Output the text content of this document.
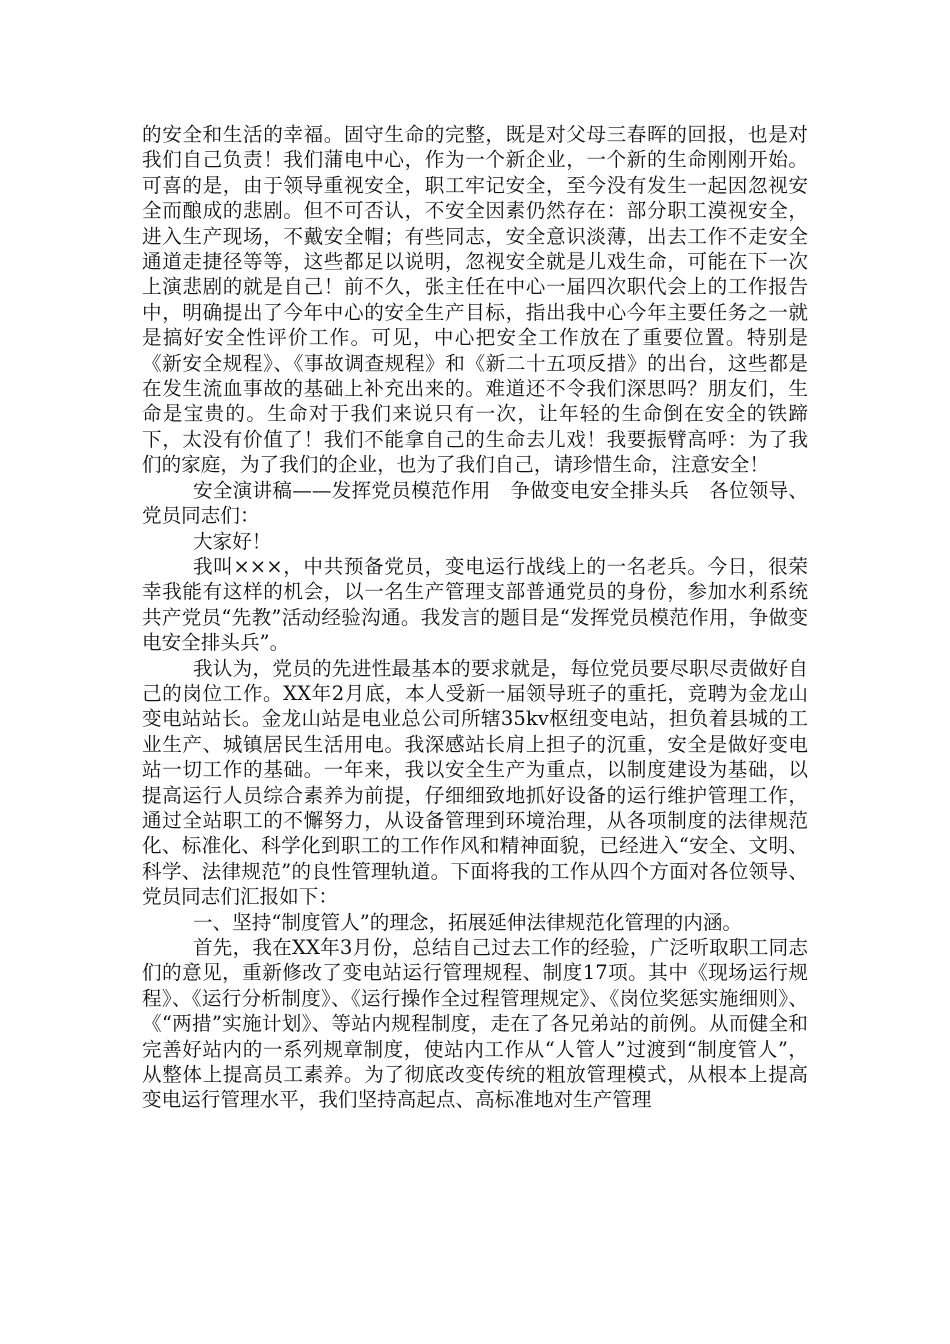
的安全和生活的幸福。固守生命的完整，既是对父母三春晖的回报，也是对我们自己负责！我们蒲电中心，作为一个新企业，一个新的生命刚刚开始。可喜的是，由于领导重视安全，职工牢记安全，至今没有发生一起因忽视安全而酿成的悲剧。但不可否认，不安全因素仍然存在：部分职工漠视安全，进入生产现场，不戴安全帽；有些同志，安全意识淡薄，出去工作不走安全通道走捷径等等，这些都足以说明，忽视安全就是儿戏生命，可能在下一次上演悲剧的就是自己！前不久，张主任在中心一届四次职代会上的工作报告中，明确提出了今年中心的安全生产目标，指出我中心今年主要任务之一就是搞好安全性评价工作。可见，中心把安全工作放在了重要位置。特别是《新安全规程》、《事故调查规程》和《新二十五项反措》的出台，这些都是在发生流血事故的基础上补充出来的。难道还不令我们深思吗？朋友们，生命是宝贵的。生命对于我们来说只有一次，让年轻的生命倒在安全的铁蹄下，太没有价值了！我们不能拿自己的生命去儿戏！我要振臂高呼：为了我们的家庭，为了我们的企业，也为了我们自己，请珍惜生命，注意安全！

安全演讲稿——发挥党员模范作用　争做变电安全排头兵　各位领导、党员同志们：

大家好！

我叫×××，中共预备党员，变电运行战线上的一名老兵。今日，很荣幸我能有这样的机会，以一名生产管理支部普通党员的身份，参加水利系统共产党员“先教”活动经验沟通。我发言的题目是“发挥党员模范作用，争做变电安全排头兵”。

我认为，党员的先进性最基本的要求就是，每位党员要尽职尽责做好自己的岗位工作。XX年2月底，本人受新一届领导班子的重托，竞聘为金龙山变电站站长。金龙山站是电业总公司所辖35kv枢纽变电站，担负着县城的工业生产、城镇居民生活用电。我深感站长肩上担子的沉重，安全是做好变电站一切工作的基础。一年来，我以安全生产为重点，以制度建设为基础，以提高运行人员综合素养为前提，仔细细致地抓好设备的运行维护管理工作，通过全站职工的不懈努力，从设备管理到环境治理，从各项制度的法律规范化、标准化、科学化到职工的工作作风和精神面貌，已经进入“安全、文明、科学、法律规范”的良性管理轨道。下面将我的工作从四个方面对各位领导、党员同志们汇报如下：

一、坚持“制度管人”的理念，拓展延伸法律规范化管理的内涵。

首先，我在XX年3月份，总结自己过去工作的经验，广泛听取职工同志们的意见，重新修改了变电站运行管理规程、制度17项。其中《现场运行规程》、《运行分析制度》、《运行操作全过程管理规定》、《岗位奖惩实施细则》、《“两措”实施计划》、等站内规程制度，走在了各兄弟站的前例。从而健全和完善好站内的一系列规章制度，使站内工作从“人管人”过渡到“制度管人”，从整体上提高员工素养。为了彻底改变传统的粗放管理模式，从根本上提高变电运行管理水平，我们坚持高起点、高标准地对生产管理
